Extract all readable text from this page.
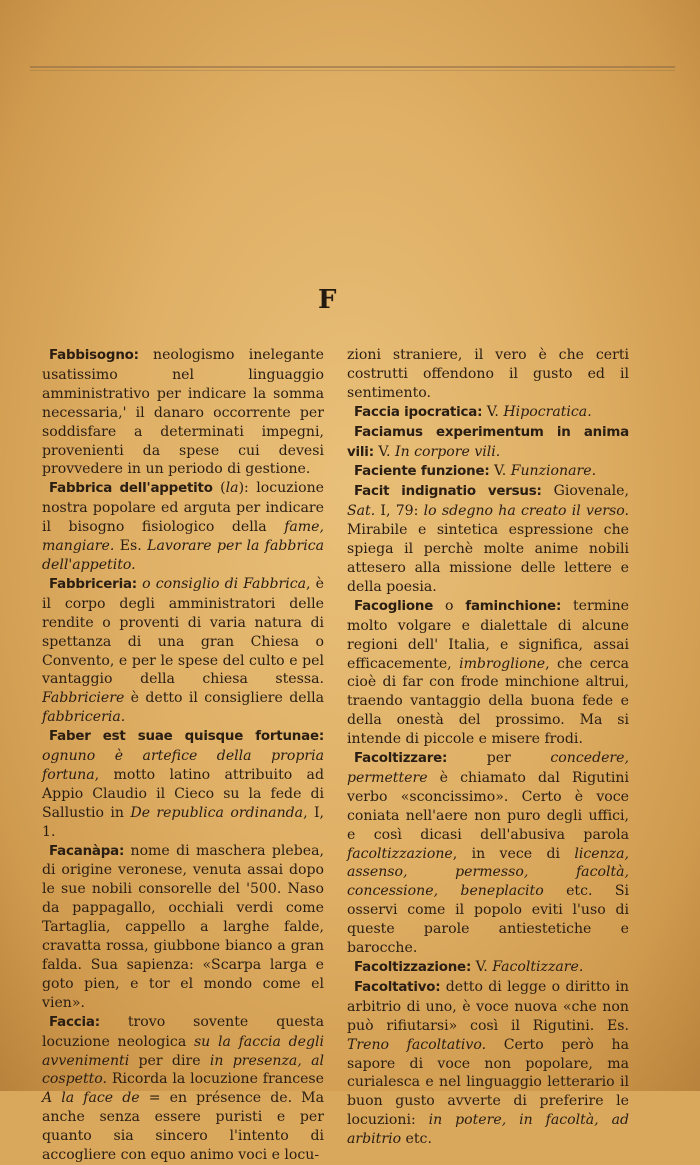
F

Fabbisogno: neologismo inelegante usatissimo nel linguaggio amministrativo per indicare la somma necessaria,' il danaro occorrente per soddisfare a determinati impegni, provenienti da spese cui devesi provvedere in un periodo di gestione.

Fabbrica dell'appetito (la): locuzione nostra popolare ed arguta per indicare il bisogno fisiologico della fame, mangiare. Es. Lavorare per la fabbrica dell'appetito.

Fabbriceria: o consiglio di Fabbrica, è il corpo degli amministratori delle rendite o proventi di varia natura di spettanza di una gran Chiesa o Convento, e per le spese del culto e pel vantaggio della chiesa stessa. Fabbriciere è detto il consigliere della fabbriceria.

Faber est suae quisque fortunae: ognuno è artefice della propria fortuna, motto latino attribuito ad Appio Claudio il Cieco su la fede di Sallustio in De republica ordinanda, I, 1.

Facanàpa: nome di maschera plebea, di origine veronese, venuta assai dopo le sue nobili consorelle del '500. Naso da pappagallo, occhiali verdi come Tartaglia, cappello a larghe falde, cravatta rossa, giubbone bianco a gran falda. Sua sapienza: «Scarpa larga e goto pien, e tor el mondo come el vien».

Faccia: trovo sovente questa locuzione neologica su la faccia degli avvenimenti per dire in presenza, al cospetto. Ricorda la locuzione francese A la face de = en présence de. Ma anche senza essere puristi e per quanto sia sincero l'intento di accogliere con equo animo voci e locu-

zioni straniere, il vero è che certi costrutti offendono il gusto ed il sentimento.

Faccia ipocratica: V. Hipocratica.

Faciamus experimentum in anima vili: V. In corpore vili.

Faciente funzione: V. Funzionare.

Facit indignatio versus: Giovenale, Sat. I, 79: lo sdegno ha creato il verso. Mirabile e sintetica espressione che spiega il perchè molte anime nobili attesero alla missione delle lettere e della poesia.

Facoglione o faminchione: termine molto volgare e dialettale di alcune regioni dell' Italia, e significa, assai efficacemente, imbroglione, che cerca cioè di far con frode minchione altrui, traendo vantaggio della buona fede e della onestà del prossimo. Ma si intende di piccole e misere frodi.

Facoltizzare: per concedere, permettere è chiamato dal Rigutini verbo «sconcissimo». Certo è voce coniata nell'aere non puro degli uffici, e così dicasi dell'abusiva parola facoltizzazione, in vece di licenza, assenso, permesso, facoltà, concessione, beneplacito etc. Si osservi come il popolo eviti l'uso di queste parole antiestetiche e barocche.

Facoltizzazione: V. Facoltizzare.

Facoltativo: detto di legge o diritto in arbitrio di uno, è voce nuova «che non può rifiutarsi» così il Rigutini. Es. Treno facoltativo. Certo però ha sapore di voce non popolare, ma curialesca e nel linguaggio letterario il buon gusto avverte di preferire le locuzioni: in potere, in facoltà, ad arbitrio etc.
